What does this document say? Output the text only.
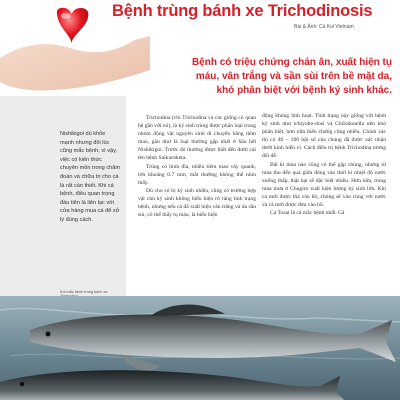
Bệnh trùng bánh xe Trichodinosis
Bài & Ảnh: Cá Koi Vietnam
Bệnh có triệu chứng chán ăn, xuất hiện tụ máu, vân trắng và sần sùi trên bề mặt da, khó phân biệt với bệnh ký sinh khác.
Nishikigoi dù khỏe mạnh nhưng đôi lúc cũng mắc bệnh, vì vậy, việc có kiến thức chuyên môn trong chăm đoán và chữa trị cho cá là rất cần thiết. Khi cá bệnh, điều quan trọng đầu tiên là liên lạc với cửa hàng mua cá để xử lý đúng cách.
Koi mắc bệnh trùng bánh xe

Trichodina (chi Trichodina và các giống có quan hệ gần với nó), là ký sinh trùng được phân loại trong nhóm động vật nguyên sinh di chuyển bằng tiêm mao, gắn như là loại thường gặp nhất ở hầu hết Nishikigoi. Trước đó thường được biết đến dưới cái tên bệnh Saikuroketa.

Trùng có hình đĩa, nhiều tiêm mao vây quanh, lớn khoảng 0.7 mm, mắt thường không thể nhìn thấy.

Dù cho có bị ký sinh nhiều, cũng có trường hợp vật chủ ký sinh không biểu hiện rõ ràng tình trạng bệnh, nhưng nếu cá đã xuất hiện vân trắng và da sần sùi, có thể thấy tụ máu, là biểu hiện

động không linh hoạt. Tình trạng này giống với bệnh ký sinh như ichtyobo-dosi và Chilodonella nên khó phân biệt, hơn nữa biến chứng cũng nhiều. Chính xác thì có 40 – 100 bội số của chúng đã được xác nhận dưới kính hiển vi. Cách điều trị bệnh Trichodina tương đối dễ.

Bất kì mùa nào cũng có thể gặp chúng, nhưng từ mùa thu đến quá giữa đông vào thời kì nhiệt độ nước xuống thấp, thật hại sẽ đặc biệt nhiều. Hơn nữa, trong mùa mưa ở Chugiro xuất hiện lượng ký sinh lớn. Khi cá mới được thả vào hồ, chúng sẽ vào cùng với nước và cá mới được đưa vào hồ.

Cá Tosai là cá mắc bệnh nhất. Cá
